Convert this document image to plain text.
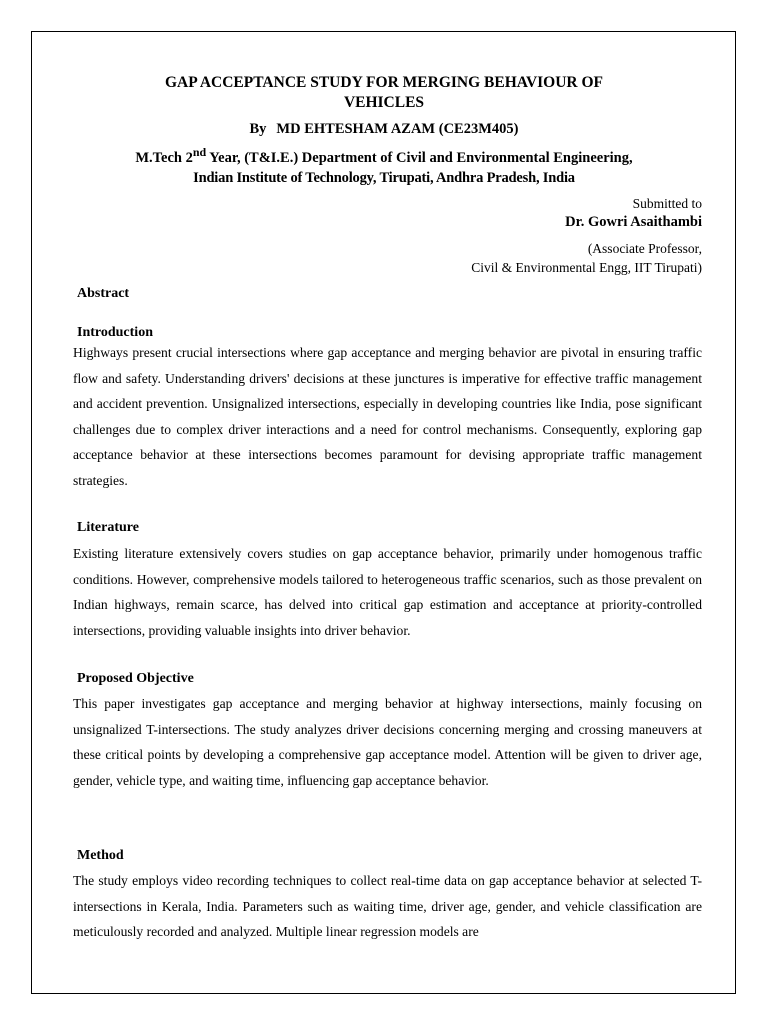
GAP ACCEPTANCE STUDY FOR MERGING BEHAVIOUR OF
VEHICLES
By MD EHTESHAM AZAM (CE23M405)
M.Tech 2nd Year, (T&I.E.) Department of Civil and Environmental Engineering,
Indian Institute of Technology, Tirupati, Andhra Pradesh, India
Submitted to
Dr. Gowri Asaithambi
(Associate Professor,
Civil & Environmental Engg, IIT Tirupati)
Abstract
Introduction
Highways present crucial intersections where gap acceptance and merging behavior are pivotal in ensuring traffic flow and safety. Understanding drivers' decisions at these junctures is imperative for effective traffic management and accident prevention. Unsignalized intersections, especially in developing countries like India, pose significant challenges due to complex driver interactions and a need for control mechanisms. Consequently, exploring gap acceptance behavior at these intersections becomes paramount for devising appropriate traffic management strategies.
Literature
Existing literature extensively covers studies on gap acceptance behavior, primarily under homogenous traffic conditions. However, comprehensive models tailored to heterogeneous traffic scenarios, such as those prevalent on Indian highways, remain scarce, has delved into critical gap estimation and acceptance at priority-controlled intersections, providing valuable insights into driver behavior.
Proposed Objective
This paper investigates gap acceptance and merging behavior at highway intersections, mainly focusing on unsignalized T-intersections. The study analyzes driver decisions concerning merging and crossing maneuvers at these critical points by developing a comprehensive gap acceptance model. Attention will be given to driver age, gender, vehicle type, and waiting time, influencing gap acceptance behavior.
Method
The study employs video recording techniques to collect real-time data on gap acceptance behavior at selected T-intersections in Kerala, India. Parameters such as waiting time, driver age, gender, and vehicle classification are meticulously recorded and analyzed. Multiple linear regression models are
